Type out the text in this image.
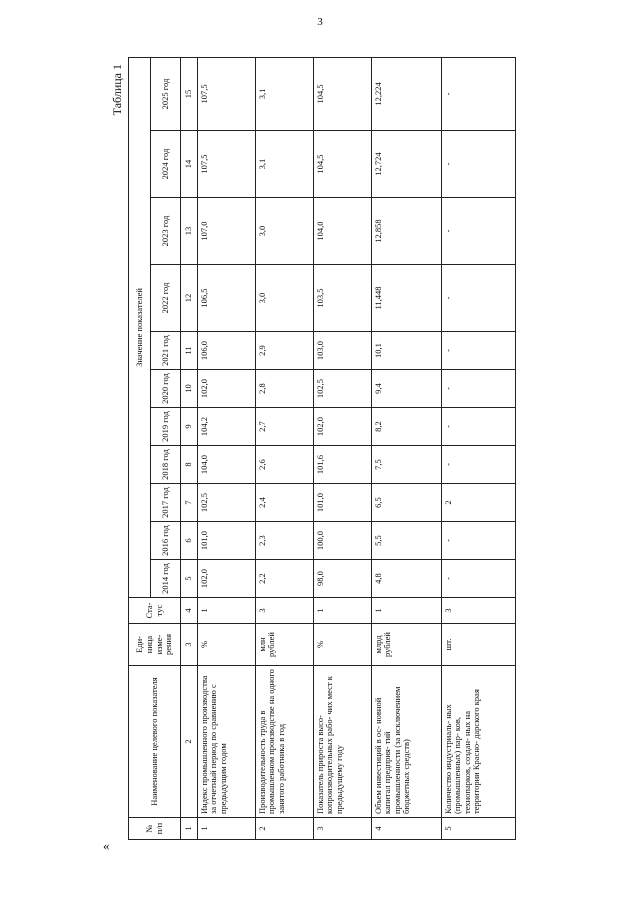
3
«
Таблица 1
№ п/п	Наименование целевого показателя	Еди- ница изме- рения	Ста- тус	Значение показателей										
				2014 год	2016 год	2017 год	2018 год	2019 год	2020 год	2021 год	2022 год	2023 год	2024 год	2025 год
1	2	3	4	5	6	7	8	9	10	11	12	13	14	15
1	Индекс промышленного производства за отчетный период по сравнению с предыдущим годом	%	1	102,0	101,0	102,5	104,0	104,2	102,0	106,0	106,5	107,0	107,5	107,5
2	Производительность труда в промышленном производстве на одного занятого работника в год	млн рублей	3	2,2	2,3	2,4	2,6	2,7	2,8	2,9	3,0	3,0	3,1	3,1
3	Показатель прироста высо- копроизводительных рабо- чих мест к предыдущему году	%	1	98,0	100,0	101,0	101,6	102,0	102,5	103,0	103,5	104,0	104,5	104,5
4	Объем инвестиций в ос- новной капитал предприя- тий промышленности (за исключением бюджетных средств)	млрд рублей	1	4,8	5,5	6,5	7,5	8,2	9,4	10,1	11,448	12,858	12,724	12,224
5	Количество индустриаль- ных (промышленных) пар- ков, технопарков, создан- ных на территории Красно- дарского края	шт.	3	-	-	2	-	-	-	-	-	-	-	-
